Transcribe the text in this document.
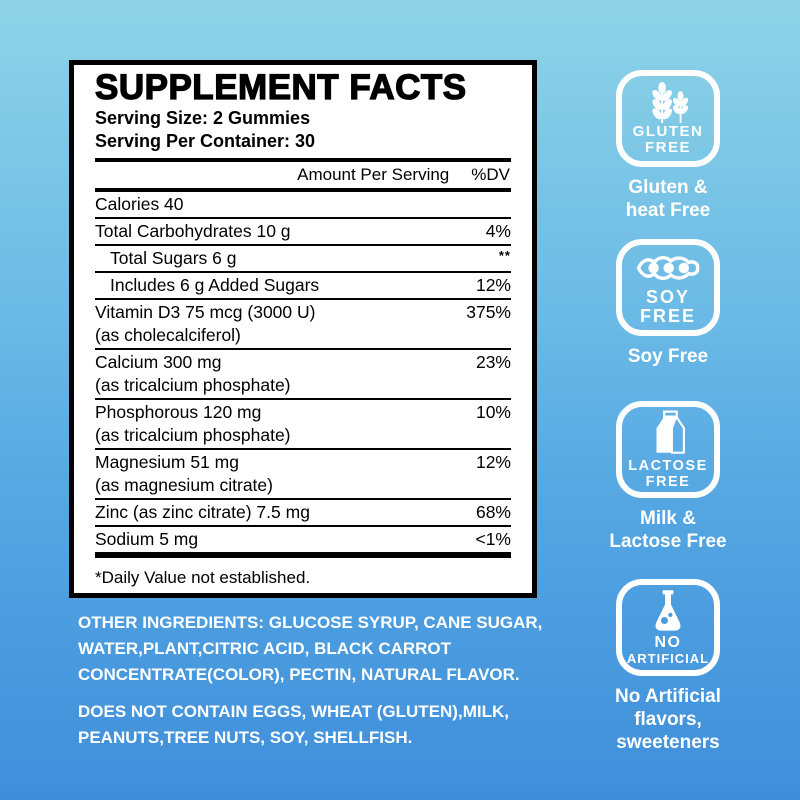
SUPPLEMENT FACTS
Serving Size: 2 Gummies
Serving Per Container: 30
Amount Per Serving %DV
Calories 40
Total Carbohydrates 10 g	4%
Total Sugars 6 g	**
Includes 6 g Added Sugars	12%
Vitamin D3 75 mcg (3000 U)	375%
(as cholecalciferol)
Calcium 300 mg	23%
(as tricalcium phosphate)
Phosphorous 120 mg	10%
(as tricalcium phosphate)
Magnesium 51 mg	12%
(as magnesium citrate)
Zinc (as zinc citrate) 7.5 mg	68%
Sodium 5 mg	<1%
*Daily Value not established.
GLUTEN
FREE
Gluten &
heat Free
SOY
FREE
Soy Free
LACTOSE
FREE
Milk &
Lactose Free
NO
ARTIFICIAL
No Artificial
flavors, sweeteners
OTHER INGREDIENTS: GLUCOSE SYRUP, CANE SUGAR,
WATER,PLANT,CITRIC ACID, BLACK CARROT
CONCENTRATE(COLOR), PECTIN, NATURAL FLAVOR.
DOES NOT CONTAIN EGGS, WHEAT (GLUTEN),MILK,
PEANUTS,TREE NUTS, SOY, SHELLFISH.
